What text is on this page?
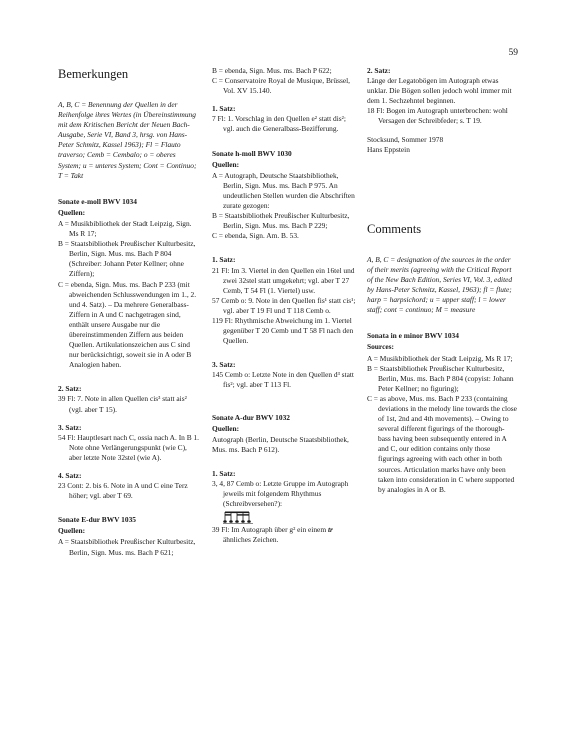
59
Bemerkungen

A, B, C = Benennung der Quellen in der Reihenfolge ihres Wertes (in Übereinstimmung mit dem Kritischen Bericht der Neuen Bach-Ausgabe, Serie VI, Band 3, hrsg. von Hans-Peter Schmitz, Kassel 1963); Fl = Flauto traverso; Cemb = Cembalo; o = oberes System; u = unteres System; Cont = Continuo; T = Takt

Sonate e-moll BWV 1034

Quellen:

A = Musikbibliothek der Stadt Leipzig, Sign. Ms R 17;

B = Staatsbibliothek Preußischer Kulturbesitz, Berlin, Sign. Mus. ms. Bach P 804 (Schreiber: Johann Peter Kellner; ohne Ziffern);

C = ebenda, Sign. Mus. ms. Bach P 233 (mit abweichenden Schlusswendungen im 1., 2. und 4. Satz). – Da mehrere Generalbass-Ziffern in A und C nachgetragen sind, enthält unsere Ausgabe nur die übereinstimmenden Ziffern aus beiden Quellen. Artikulationszeichen aus C sind nur berücksichtigt, soweit sie in A oder B Analogien haben.

2. Satz:

39 Fl: 7. Note in allen Quellen cis³ statt ais² (vgl. aber T 15).

3. Satz:

54 Fl: Hauptlesart nach C, ossia nach A. In B 1. Note ohne Verlängerungspunkt (wie C), aber letzte Note 32stel (wie A).

4. Satz:

23 Cont: 2. bis 6. Note in A und C eine Terz höher; vgl. aber T 69.

Sonate E-dur BWV 1035

Quellen:

A = Staatsbibliothek Preußischer Kulturbesitz, Berlin, Sign. Mus. ms. Bach P 621;

B = ebenda, Sign. Mus. ms. Bach P 622;

C = Conservatoire Royal de Musique, Brüssel, Vol. XV 15.140.

1. Satz:

7 Fl: 1. Vorschlag in den Quellen e² statt dis²; vgl. auch die Generalbass-Bezifferung.

Sonate h-moll BWV 1030

Quellen:

A = Autograph, Deutsche Staatsbibliothek, Berlin, Sign. Mus. ms. Bach P 975. An undeutlichen Stellen wurden die Abschriften zurate gezogen:

B = Staatsbibliothek Preußischer Kulturbesitz, Berlin, Sign. Mus. ms. Bach P 229;

C = ebenda, Sign. Am. B. 53.

1. Satz:

21 Fl: Im 3. Viertel in den Quellen ein 16tel und zwei 32stel statt umgekehrt; vgl. aber T 27 Cemb, T 54 Fl (1. Viertel) usw.

57 Cemb o: 9. Note in den Quellen fis¹ statt cis¹; vgl. aber T 19 Fl und T 118 Cemb o.

119 Fl: Rhythmische Abweichung im 1. Viertel gegenüber T 20 Cemb und T 58 Fl nach den Quellen.

3. Satz:

145 Cemb o: Letzte Note in den Quellen d³ statt fis²; vgl. aber T 113 Fl.

Sonate A-dur BWV 1032

Quellen:

Autograph (Berlin, Deutsche Staatsbibliothek, Mus. ms. Bach P 612).

1. Satz:

3, 4, 87 Cemb o: Letzte Gruppe im Autograph jeweils mit folgendem Rhythmus (Schreibversehen?):

39 Fl: Im Autograph über g² ein einem tr ähnliches Zeichen.

2. Satz:

Länge der Legatobögen im Autograph etwas unklar. Die Bögen sollen jedoch wohl immer mit dem 1. Sechzehntel beginnen.

18 Fl: Bogen im Autograph unterbrochen: wohl Versagen der Schreibfeder; s. T 19.

Stocksund, Sommer 1978

Hans Eppstein

Comments

A, B, C = designation of the sources in the order of their merits (agreeing with the Critical Report of the New Bach Edition, Series VI, Vol. 3, edited by Hans-Peter Schmitz, Kassel, 1963); fl = flute; harp = harpsichord; u = upper staff; l = lower staff; cont = continuo; M = measure

Sonata in e minor BWV 1034

Sources:

A = Musikbibliothek der Stadt Leipzig, Ms R 17;

B = Staatsbibliothek Preußischer Kulturbesitz, Berlin, Mus. ms. Bach P 804 (copyist: Johann Peter Kellner; no figuring);

C = as above, Mus. ms. Bach P 233 (containing deviations in the melody line towards the close of 1st, 2nd and 4th movements). – Owing to several different figurings of the thorough-bass having been subsequently entered in A and C, our edition contains only those figurings agreeing with each other in both sources. Articulation marks have only been taken into consideration in C where supported by analogies in A or B.
